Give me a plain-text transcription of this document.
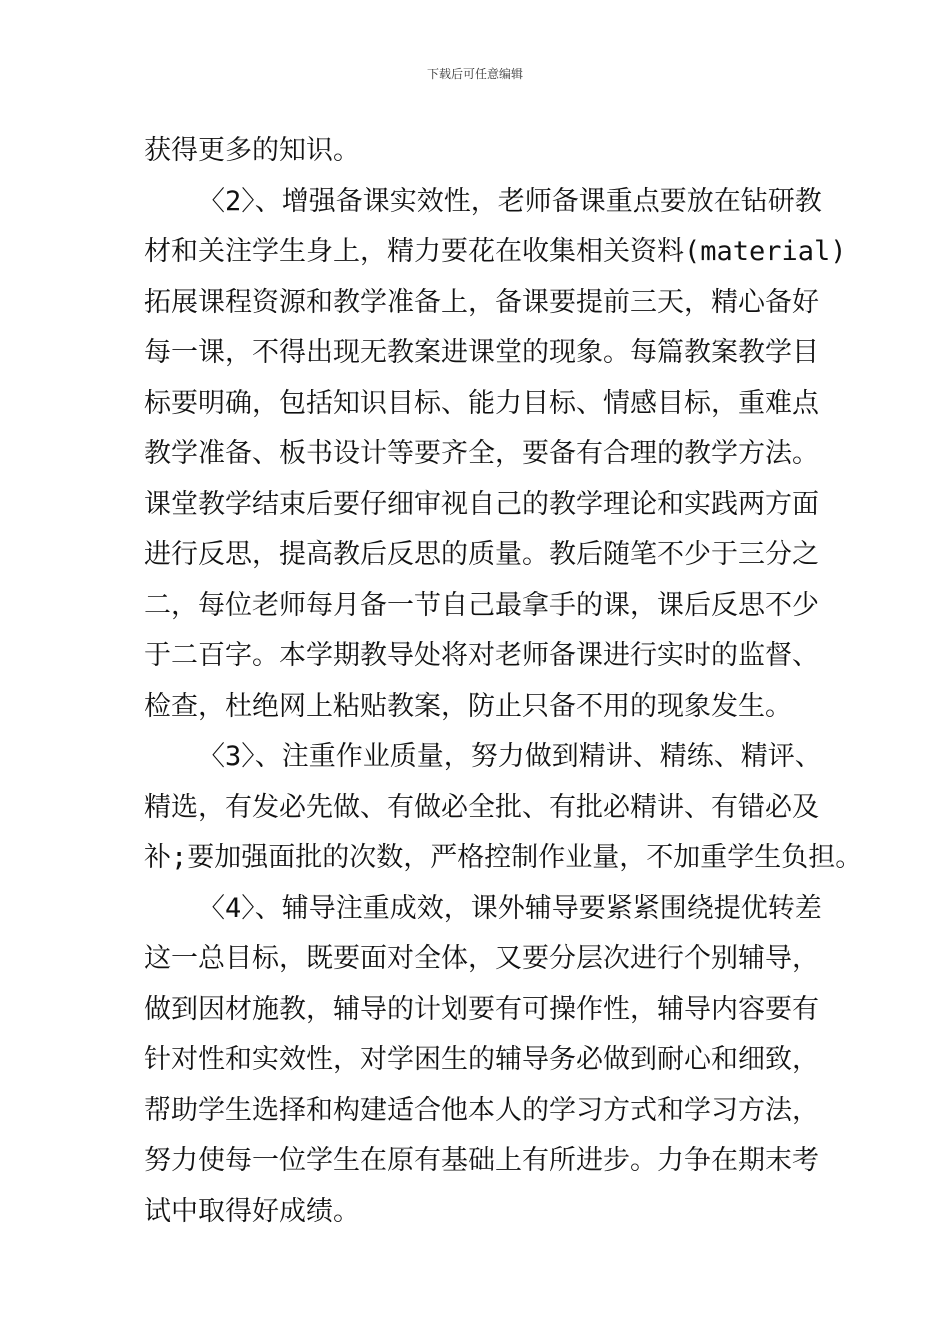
下载后可任意编辑
获得更多的知识。
〈2〉、增强备课实效性，老师备课重点要放在钻研教
材和关注学生身上，精力要花在收集相关资料(material)
拓展课程资源和教学准备上，备课要提前三天，精心备好
每一课，不得出现无教案进课堂的现象。每篇教案教学目
标要明确，包括知识目标、能力目标、情感目标，重难点
教学准备、板书设计等要齐全，要备有合理的教学方法。
课堂教学结束后要仔细审视自己的教学理论和实践两方面
进行反思，提高教后反思的质量。教后随笔不少于三分之
二，每位老师每月备一节自己最拿手的课，课后反思不少
于二百字。本学期教导处将对老师备课进行实时的监督、
检查，杜绝网上粘贴教案，防止只备不用的现象发生。
〈3〉、注重作业质量，努力做到精讲、精练、精评、
精选，有发必先做、有做必全批、有批必精讲、有错必及
补;要加强面批的次数，严格控制作业量，不加重学生负担。
〈4〉、辅导注重成效，课外辅导要紧紧围绕提优转差
这一总目标，既要面对全体，又要分层次进行个别辅导，
做到因材施教，辅导的计划要有可操作性，辅导内容要有
针对性和实效性，对学困生的辅导务必做到耐心和细致，
帮助学生选择和构建适合他本人的学习方式和学习方法，
努力使每一位学生在原有基础上有所进步。力争在期末考
试中取得好成绩。
